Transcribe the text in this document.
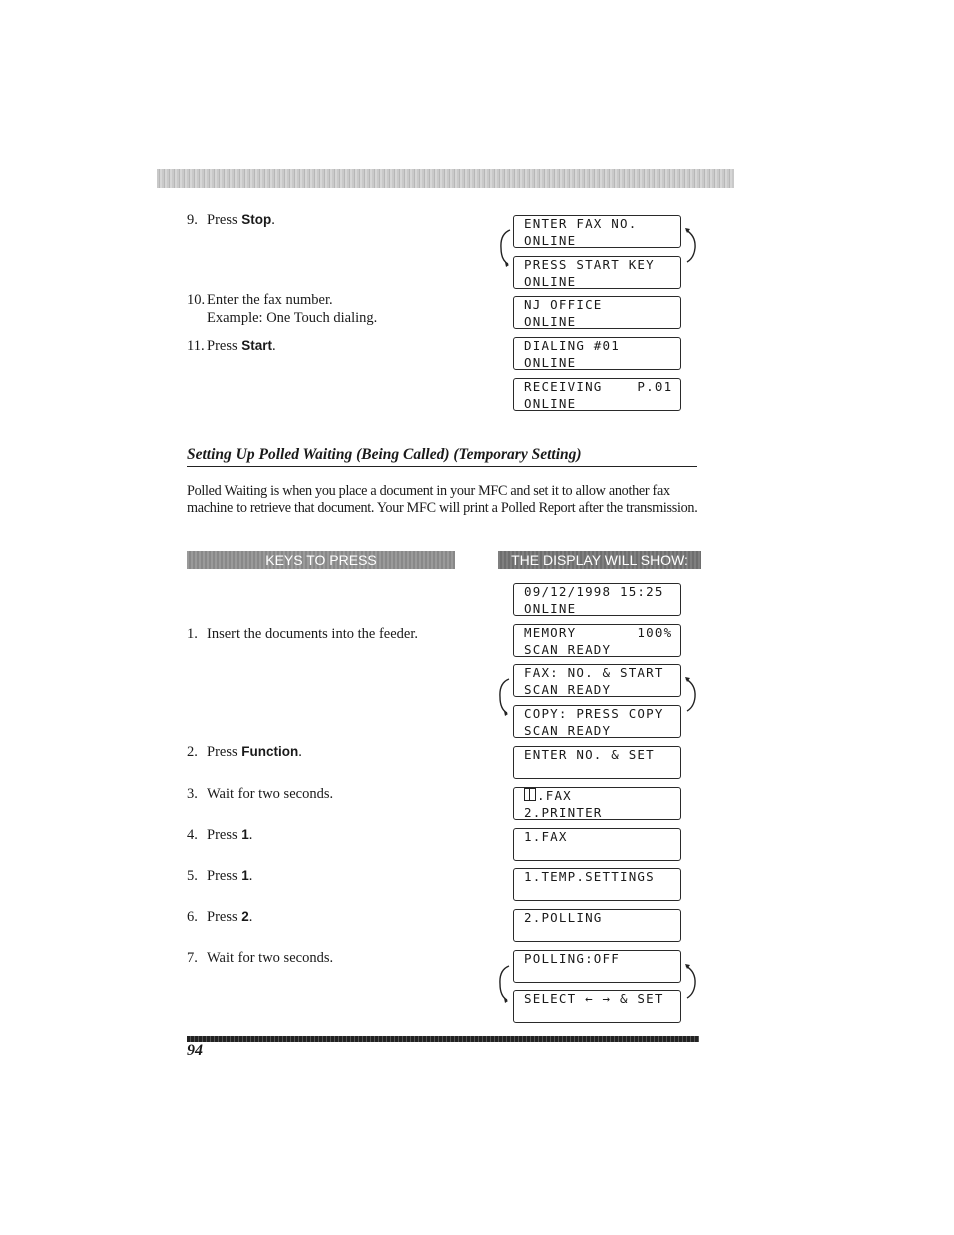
9. Press Stop.
10. Enter the fax number.
Example: One Touch dialing.
11. Press Start.
ENTER FAX NO.
ONLINE
PRESS START KEY
ONLINE
NJ OFFICE
ONLINE
DIALING #01
ONLINE
RECEIVING    P.01
ONLINE
Setting Up Polled Waiting (Being Called) (Temporary Setting)
Polled Waiting is when you place a document in your MFC and set it to allow another fax machine to retrieve that document. Your MFC will print a Polled Report after the transmission.
KEYS TO PRESS	THE DISPLAY WILL SHOW:
1. Insert the documents into the feeder.
2. Press Function.
3. Wait for two seconds.
4. Press 1.
5. Press 1.
6. Press 2.
7. Wait for two seconds.
09/12/1998 15:25
ONLINE
MEMORY       100%
SCAN READY
FAX: NO. & START
SCAN READY
COPY: PRESS COPY
SCAN READY
ENTER NO. & SET
.FAX
2.PRINTER
1.FAX
1.TEMP.SETTINGS
2.POLLING
POLLING:OFF
SELECT ← → & SET
94
